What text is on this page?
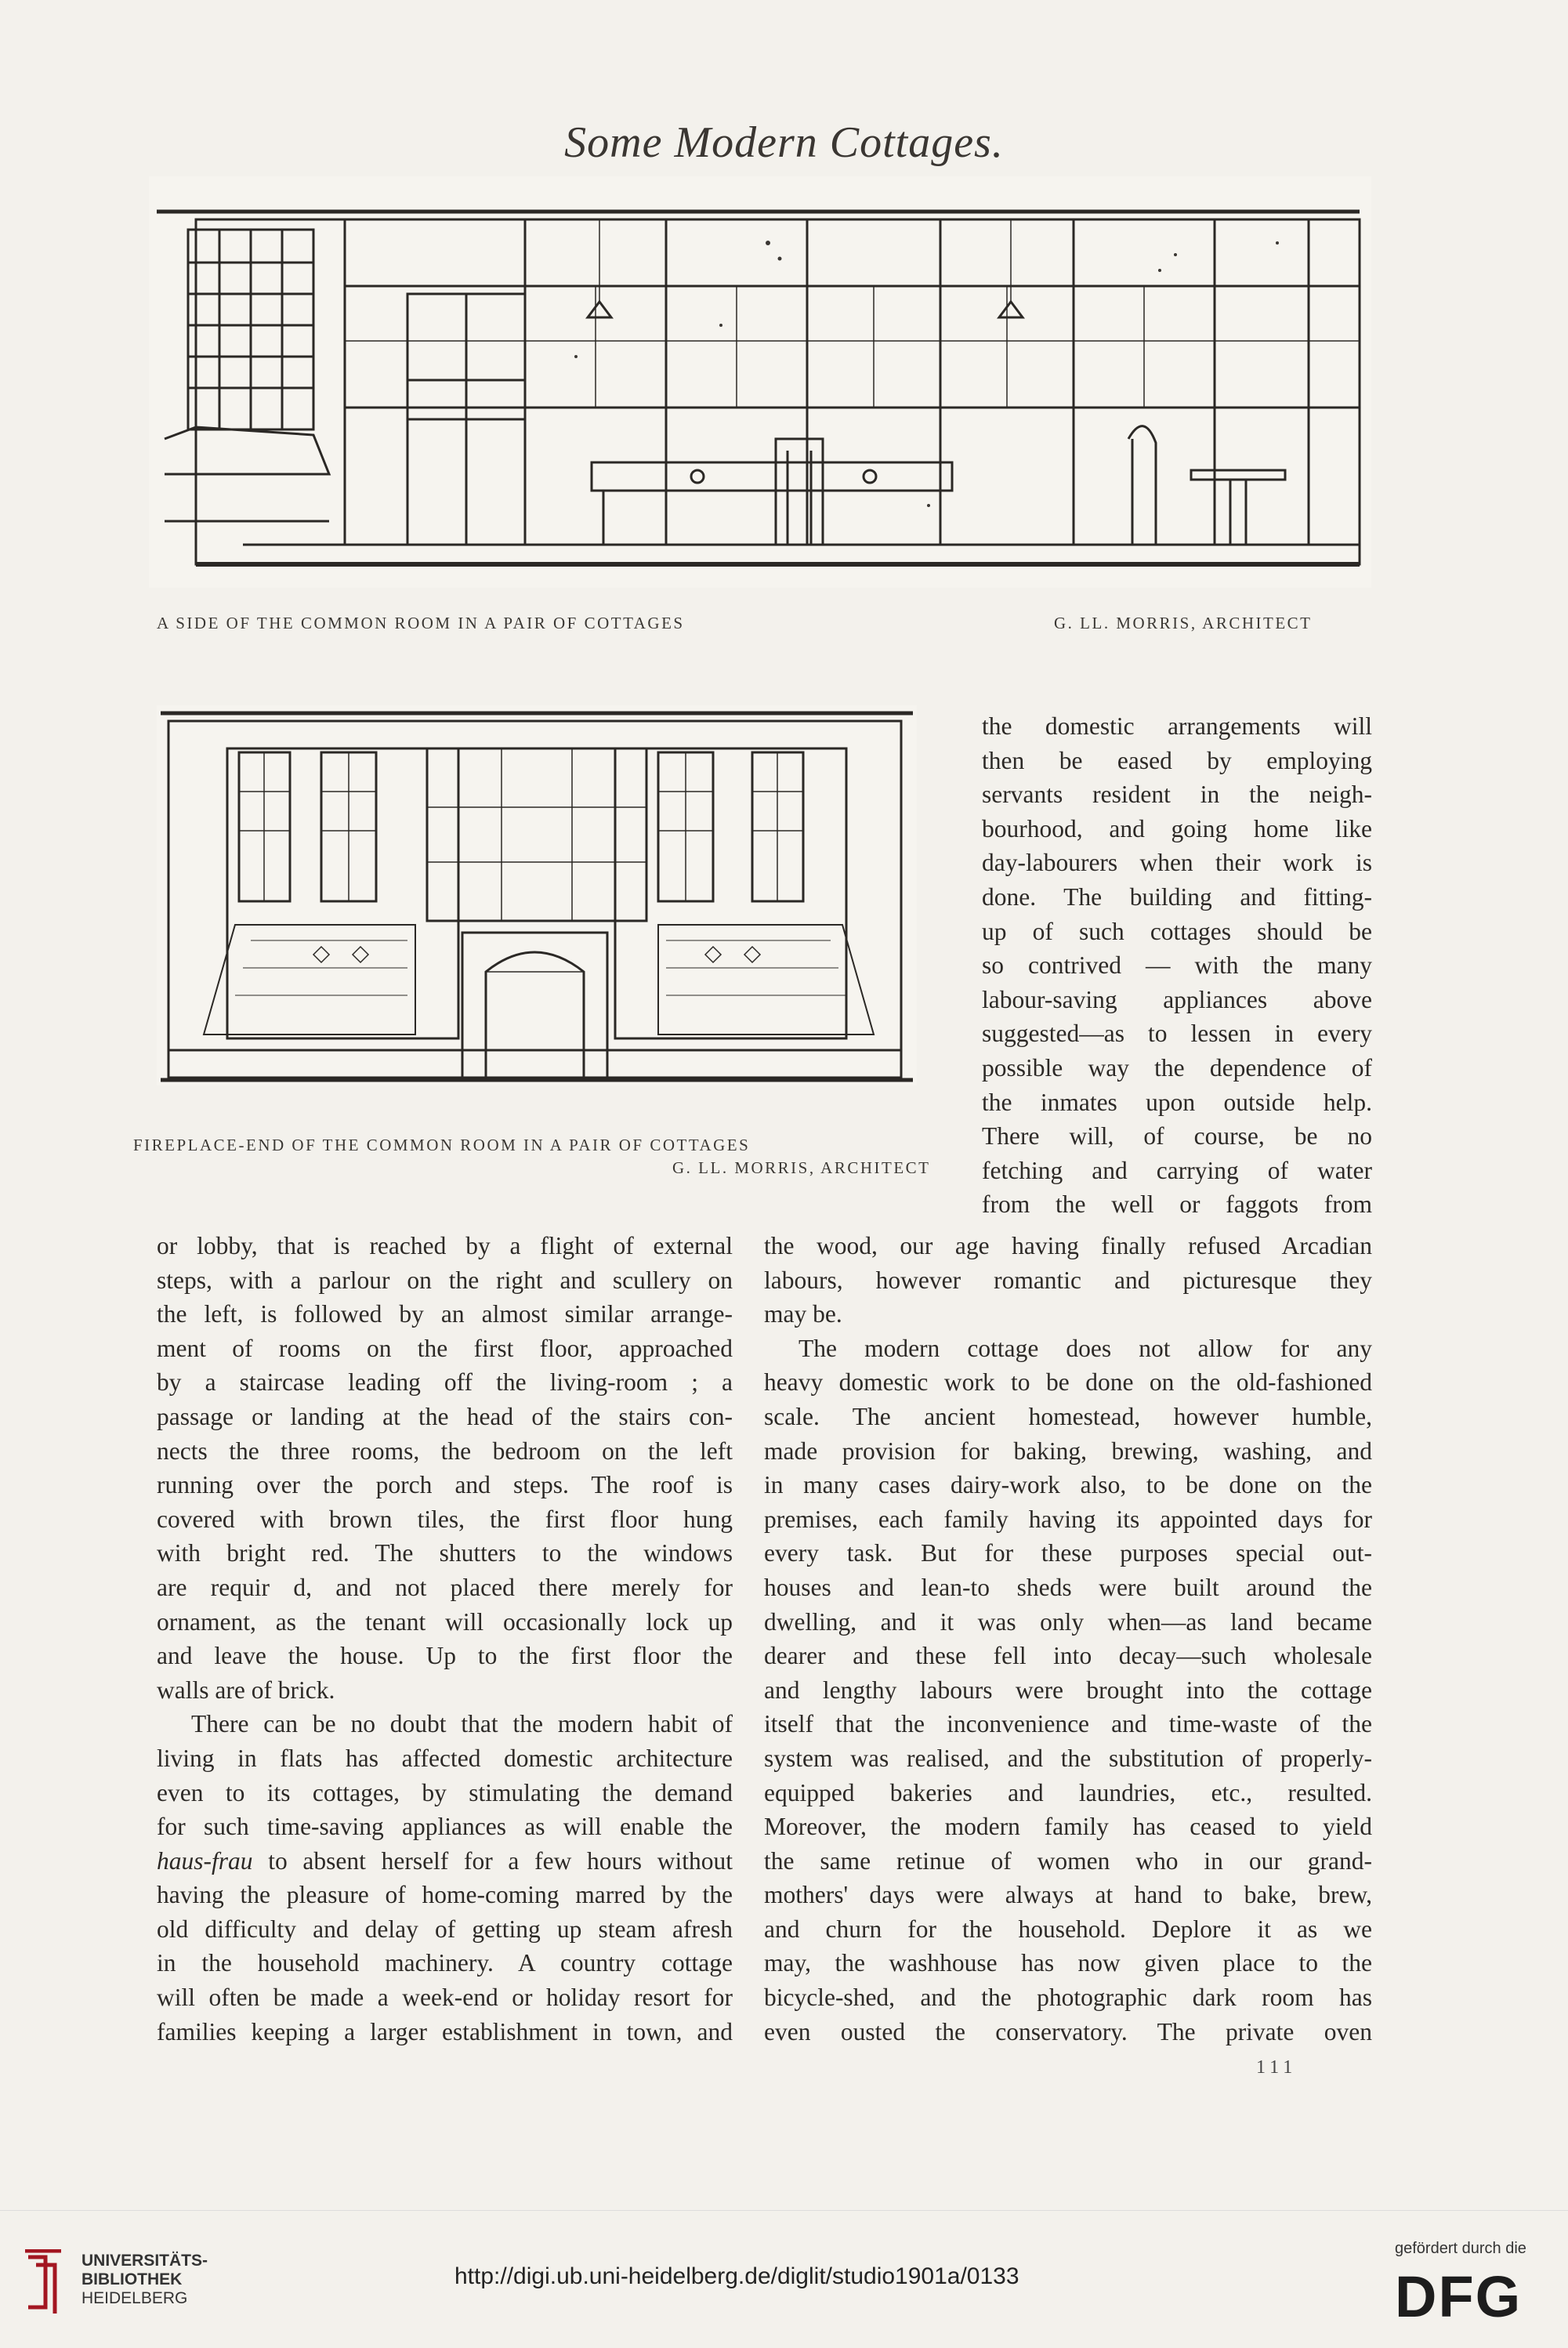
Some Modern Cottages.
A SIDE OF THE COMMON ROOM IN A PAIR OF COTTAGES	G. LL. MORRIS, ARCHITECT
FIREPLACE-END OF THE COMMON ROOM IN A PAIR OF COTTAGES
G. LL. MORRIS, ARCHITECT

the domestic arrangements will

then be eased by employing

servants resident in the neigh-

bourhood, and going home like

day-labourers when their work is

done. The building and fitting-

up of such cottages should be

so contrived — with the many

labour-saving appliances above

suggested—as to lessen in every

possible way the dependence of

the inmates upon outside help.

There will, of course, be no

fetching and carrying of water

from the well or faggots from

or lobby, that is reached by a flight of external

steps, with a parlour on the right and scullery on

the left, is followed by an almost similar arrange-

ment of rooms on the first floor, approached

by a staircase leading off the living-room ; a

passage or landing at the head of the stairs con-

nects the three rooms, the bedroom on the left

running over the porch and steps. The roof is

covered with brown tiles, the first floor hung

with bright red. The shutters to the windows

are requir d, and not placed there merely for

ornament, as the tenant will occasionally lock up

and leave the house. Up to the first floor the

walls are of brick.

There can be no doubt that the modern habit of

living in flats has affected domestic architecture

even to its cottages, by stimulating the demand

for such time-saving appliances as will enable the

haus-frau to absent herself for a few hours without

having the pleasure of home-coming marred by the

old difficulty and delay of getting up steam afresh

in the household machinery. A country cottage

will often be made a week-end or holiday resort for

families keeping a larger establishment in town, and

the wood, our age having finally refused Arcadian

labours, however romantic and picturesque they

may be.

The modern cottage does not allow for any

heavy domestic work to be done on the old-fashioned

scale. The ancient homestead, however humble,

made provision for baking, brewing, washing, and

in many cases dairy-work also, to be done on the

premises, each family having its appointed days for

every task. But for these purposes special out-

houses and lean-to sheds were built around the

dwelling, and it was only when—as land became

dearer and these fell into decay—such wholesale

and lengthy labours were brought into the cottage

itself that the inconvenience and time-waste of the

system was realised, and the substitution of properly-

equipped bakeries and laundries, etc., resulted.

Moreover, the modern family has ceased to yield

the same retinue of women who in our grand-

mothers' days were always at hand to bake, brew,

and churn for the household. Deplore it as we

may, the washhouse has now given place to the

bicycle-shed, and the photographic dark room has

even ousted the conservatory. The private oven

111
UNIVERSITÄTS-
BIBLIOTHEK
HEIDELBERG
http://digi.ub.uni-heidelberg.de/diglit/studio1901a/0133
gefördert durch die
DFG
